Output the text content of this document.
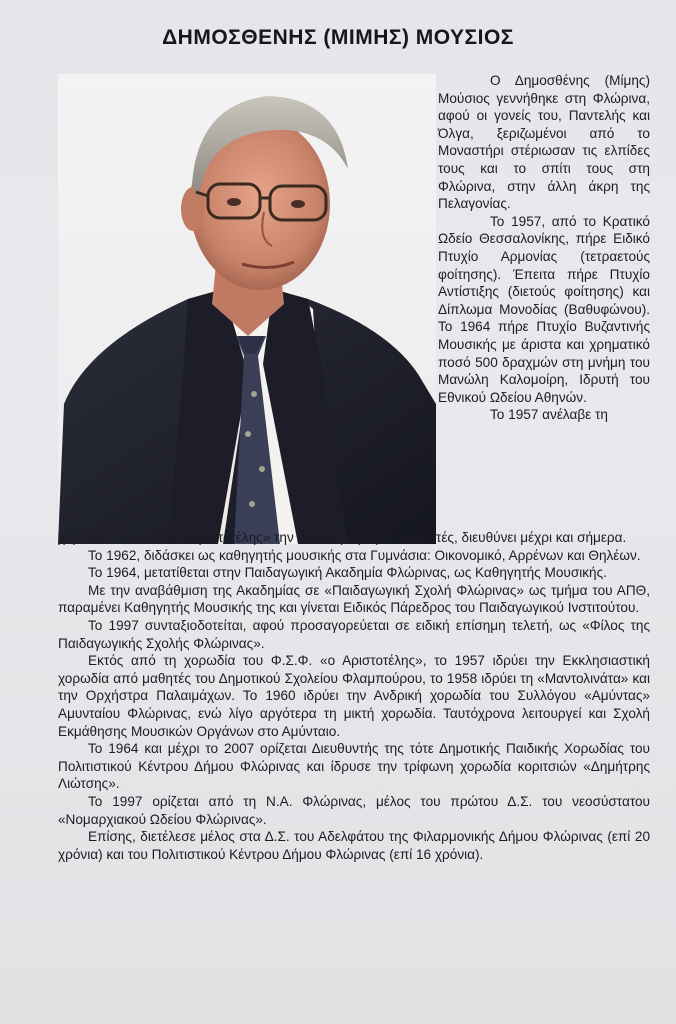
ΔΗΜΟΣΘΕΝΗΣ (ΜΙΜΗΣ) ΜΟΥΣΙΟΣ

Ο Δημοσθένης (Μίμης) Μούσιος γεννήθηκε στη Φλώρινα, αφού οι γονείς του, Παντελής και Όλγα, ξεριζωμένοι από το Μοναστήρι στέριωσαν τις ελπίδες τους και το σπίτι τους στη Φλώρινα, στην άλλη άκρη της Πελαγονίας.

Το 1957, από το Κρατικό Ωδείο Θεσσαλονίκης, πήρε Ειδικό Πτυχίο Αρμονίας (τετραετούς φοίτησης). Έπειτα πήρε Πτυχίο Αντίστιξης (διετούς φοίτησης) και Δίπλωμα Μονοδίας (Βαθυφώνου). Το 1964 πήρε Πτυχίο Βυζαντινής Μουσικής με άριστα και χρηματικό ποσό 500 δραχμών στη μνήμη του Μανώλη Καλομοίρη, Ιδρυτή του Εθνικού Ωδείου Αθηνών.

Το 1957 ανέλαβε τη

χορωδία του Φ.Σ.Φ. «Αριστοτέλης» την οποία, με μικρές διακοπές, διευθύνει μέχρι και σήμερα.

Το 1962, διδάσκει ως καθηγητής μουσικής στα Γυμνάσια: Οικονομικό, Αρρένων και Θηλέων.

Το 1964, μετατίθεται στην Παιδαγωγική Ακαδημία Φλώρινας, ως Καθηγητής Μουσικής.

Με την αναβάθμιση της Ακαδημίας σε «Παιδαγωγική Σχολή Φλώρινας» ως τμήμα του ΑΠΘ, παραμένει Καθηγητής Μουσικής της και γίνεται Ειδικός Πάρεδρος του Παιδαγωγικού Ινστιτούτου.

Το 1997 συνταξιοδοτείται, αφού προσαγορεύεται σε ειδική επίσημη τελετή, ως «Φίλος της Παιδαγωγικής Σχολής Φλώρινας».

Εκτός από τη χορωδία του Φ.Σ.Φ. «ο Αριστοτέλης», το 1957 ιδρύει την Εκκλησιαστική χορωδία από μαθητές του Δημοτικού Σχολείου Φλαμπούρου, το 1958 ιδρύει τη «Μαντολινάτα» και την Ορχήστρα Παλαιμάχων. Το 1960 ιδρύει την Ανδρική χορωδία του Συλλόγου «Αμύντας» Αμυνταίου Φλώρινας, ενώ λίγο αργότερα τη μικτή χορωδία. Ταυτόχρονα λειτουργεί και Σχολή Εκμάθησης Μουσικών Οργάνων στο Αμύνταιο.

Το 1964 και μέχρι το 2007 ορίζεται Διευθυντής της τότε Δημοτικής Παιδικής Χορωδίας του Πολιτιστικού Κέντρου Δήμου Φλώρινας και ίδρυσε την τρίφωνη χορωδία κοριτσιών «Δημήτρης Λιώτσης».

Το 1997 ορίζεται από τη Ν.Α. Φλώρινας, μέλος του πρώτου Δ.Σ. του νεοσύστατου «Νομαρχιακού Ωδείου Φλώρινας».

Επίσης, διετέλεσε μέλος στα Δ.Σ. του Αδελφάτου της Φιλαρμονικής Δήμου Φλώρινας (επί 20 χρόνια) και του Πολιτιστικού Κέντρου Δήμου Φλώρινας (επί 16 χρόνια).
